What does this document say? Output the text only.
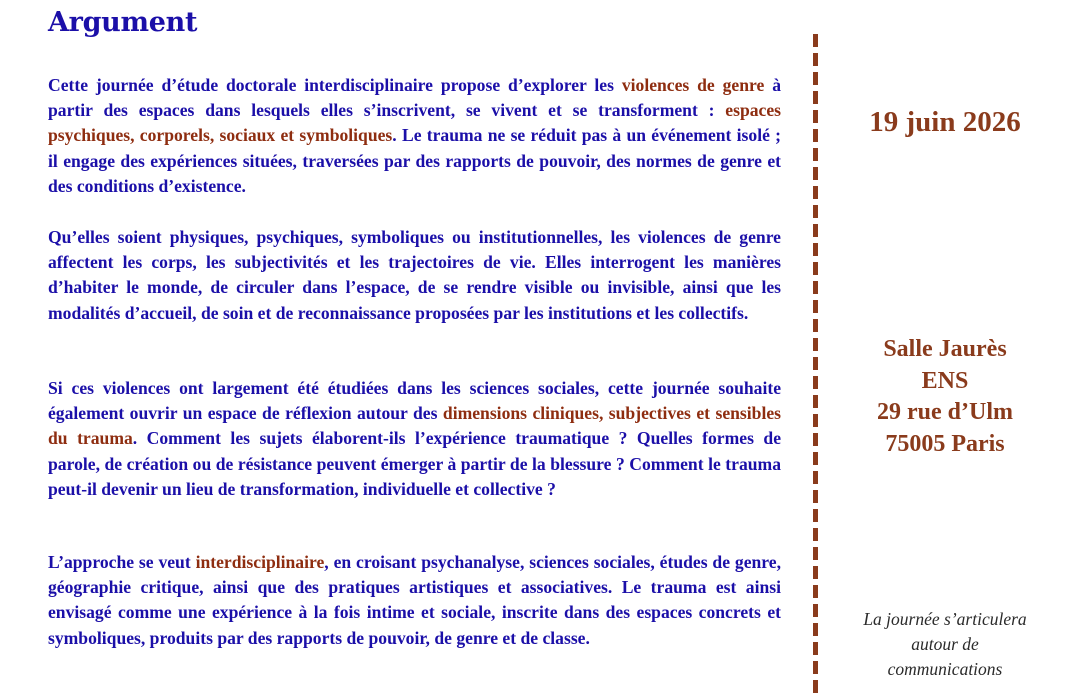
Argument

Cette journée d’étude doctorale interdisciplinaire propose d’explorer les violences de genre à partir des espaces dans lesquels elles s’inscrivent, se vivent et se transforment : espaces psychiques, corporels, sociaux et symboliques. Le trauma ne se réduit pas à un événement isolé ; il engage des expériences situées, traversées par des rapports de pouvoir, des normes de genre et des conditions d’existence.

Qu’elles soient physiques, psychiques, symboliques ou institutionnelles, les violences de genre affectent les corps, les subjectivités et les trajectoires de vie. Elles interrogent les manières d’habiter le monde, de circuler dans l’espace, de se rendre visible ou invisible, ainsi que les modalités d’accueil, de soin et de reconnaissance proposées par les institutions et les collectifs.

Si ces violences ont largement été étudiées dans les sciences sociales, cette journée souhaite également ouvrir un espace de réflexion autour des dimensions cliniques, subjectives et sensibles du trauma. Comment les sujets élaborent-ils l’expérience traumatique ? Quelles formes de parole, de création ou de résistance peuvent émerger à partir de la blessure ? Comment le trauma peut-il devenir un lieu de transformation, individuelle et collective ?

L’approche se veut interdisciplinaire, en croisant psychanalyse, sciences sociales, études de genre, géographie critique, ainsi que des pratiques artistiques et associatives. Le trauma est ainsi envisagé comme une expérience à la fois intime et sociale, inscrite dans des espaces concrets et symboliques, produits par des rapports de pouvoir, de genre et de classe.

19 juin 2026

Salle Jaurès
ENS
29 rue d’Ulm
75005 Paris
La journée s’articulera
autour de
communications
